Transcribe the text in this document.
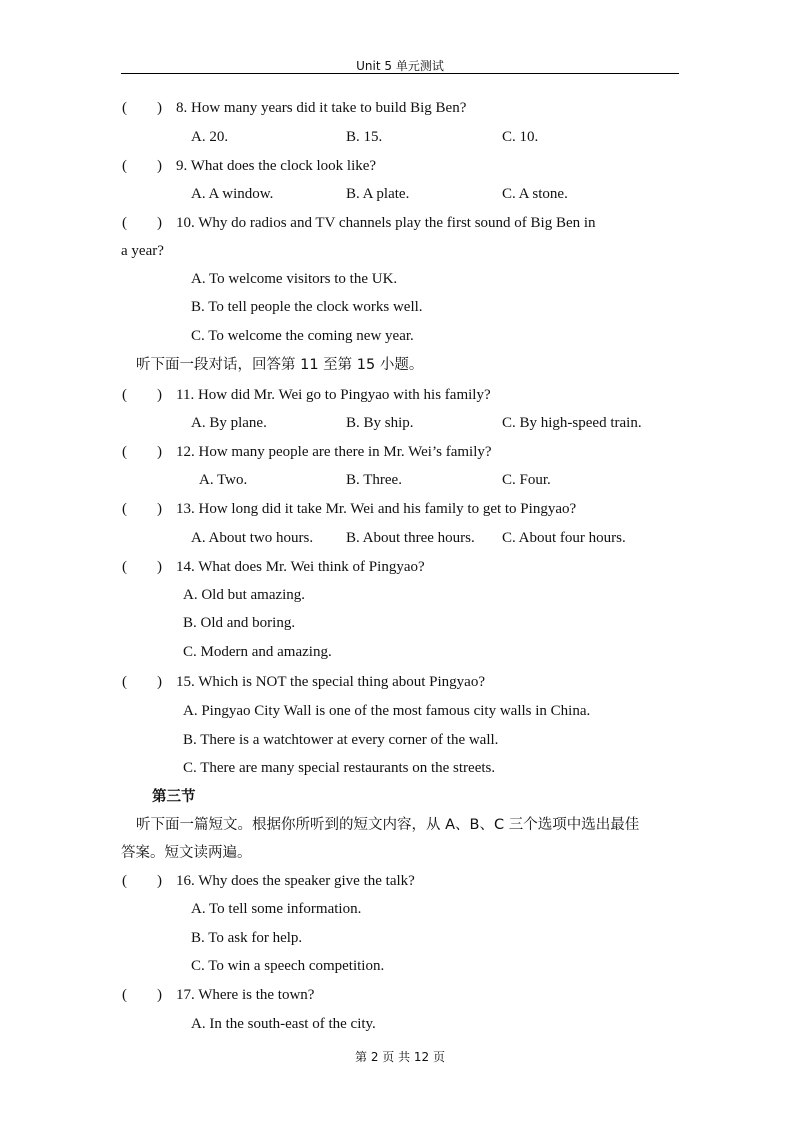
Unit 5 单元测试
(　　) 8. How many years did it take to build Big Ben?
A. 20.	B. 15.	C. 10.
(　　) 9. What does the clock look like?
A. A window.	B. A plate.	C. A stone.
(　　) 10. Why do radios and TV channels play the first sound of Big Ben in
a year?
A. To welcome visitors to the UK.
B. To tell people the clock works well.
C. To welcome the coming new year.
听下面一段对话，回答第 11 至第 15 小题。
(　　) 11. How did Mr. Wei go to Pingyao with his family?
A. By plane.	B. By ship.	C. By high-speed train.
(　　) 12. How many people are there in Mr. Wei’s family?
A. Two.	B. Three.	C. Four.
(　　) 13. How long did it take Mr. Wei and his family to get to Pingyao?
A. About two hours. B. About three hours. C. About four hours.
(　　) 14. What does Mr. Wei think of Pingyao?
A. Old but amazing.
B. Old and boring.
C. Modern and amazing.
(　　) 15. Which is NOT the special thing about Pingyao?
A. Pingyao City Wall is one of the most famous city walls in China.
B. There is a watchtower at every corner of the wall.
C. There are many special restaurants on the streets.
第三节
听下面一篇短文。根据你所听到的短文内容，从 A、B、C 三个选项中选出最佳
答案。短文读两遍。
(　　) 16. Why does the speaker give the talk?
A. To tell some information.
B. To ask for help.
C. To win a speech competition.
(　　) 17. Where is the town?
A. In the south-east of the city.
第 2 页 共 12 页
